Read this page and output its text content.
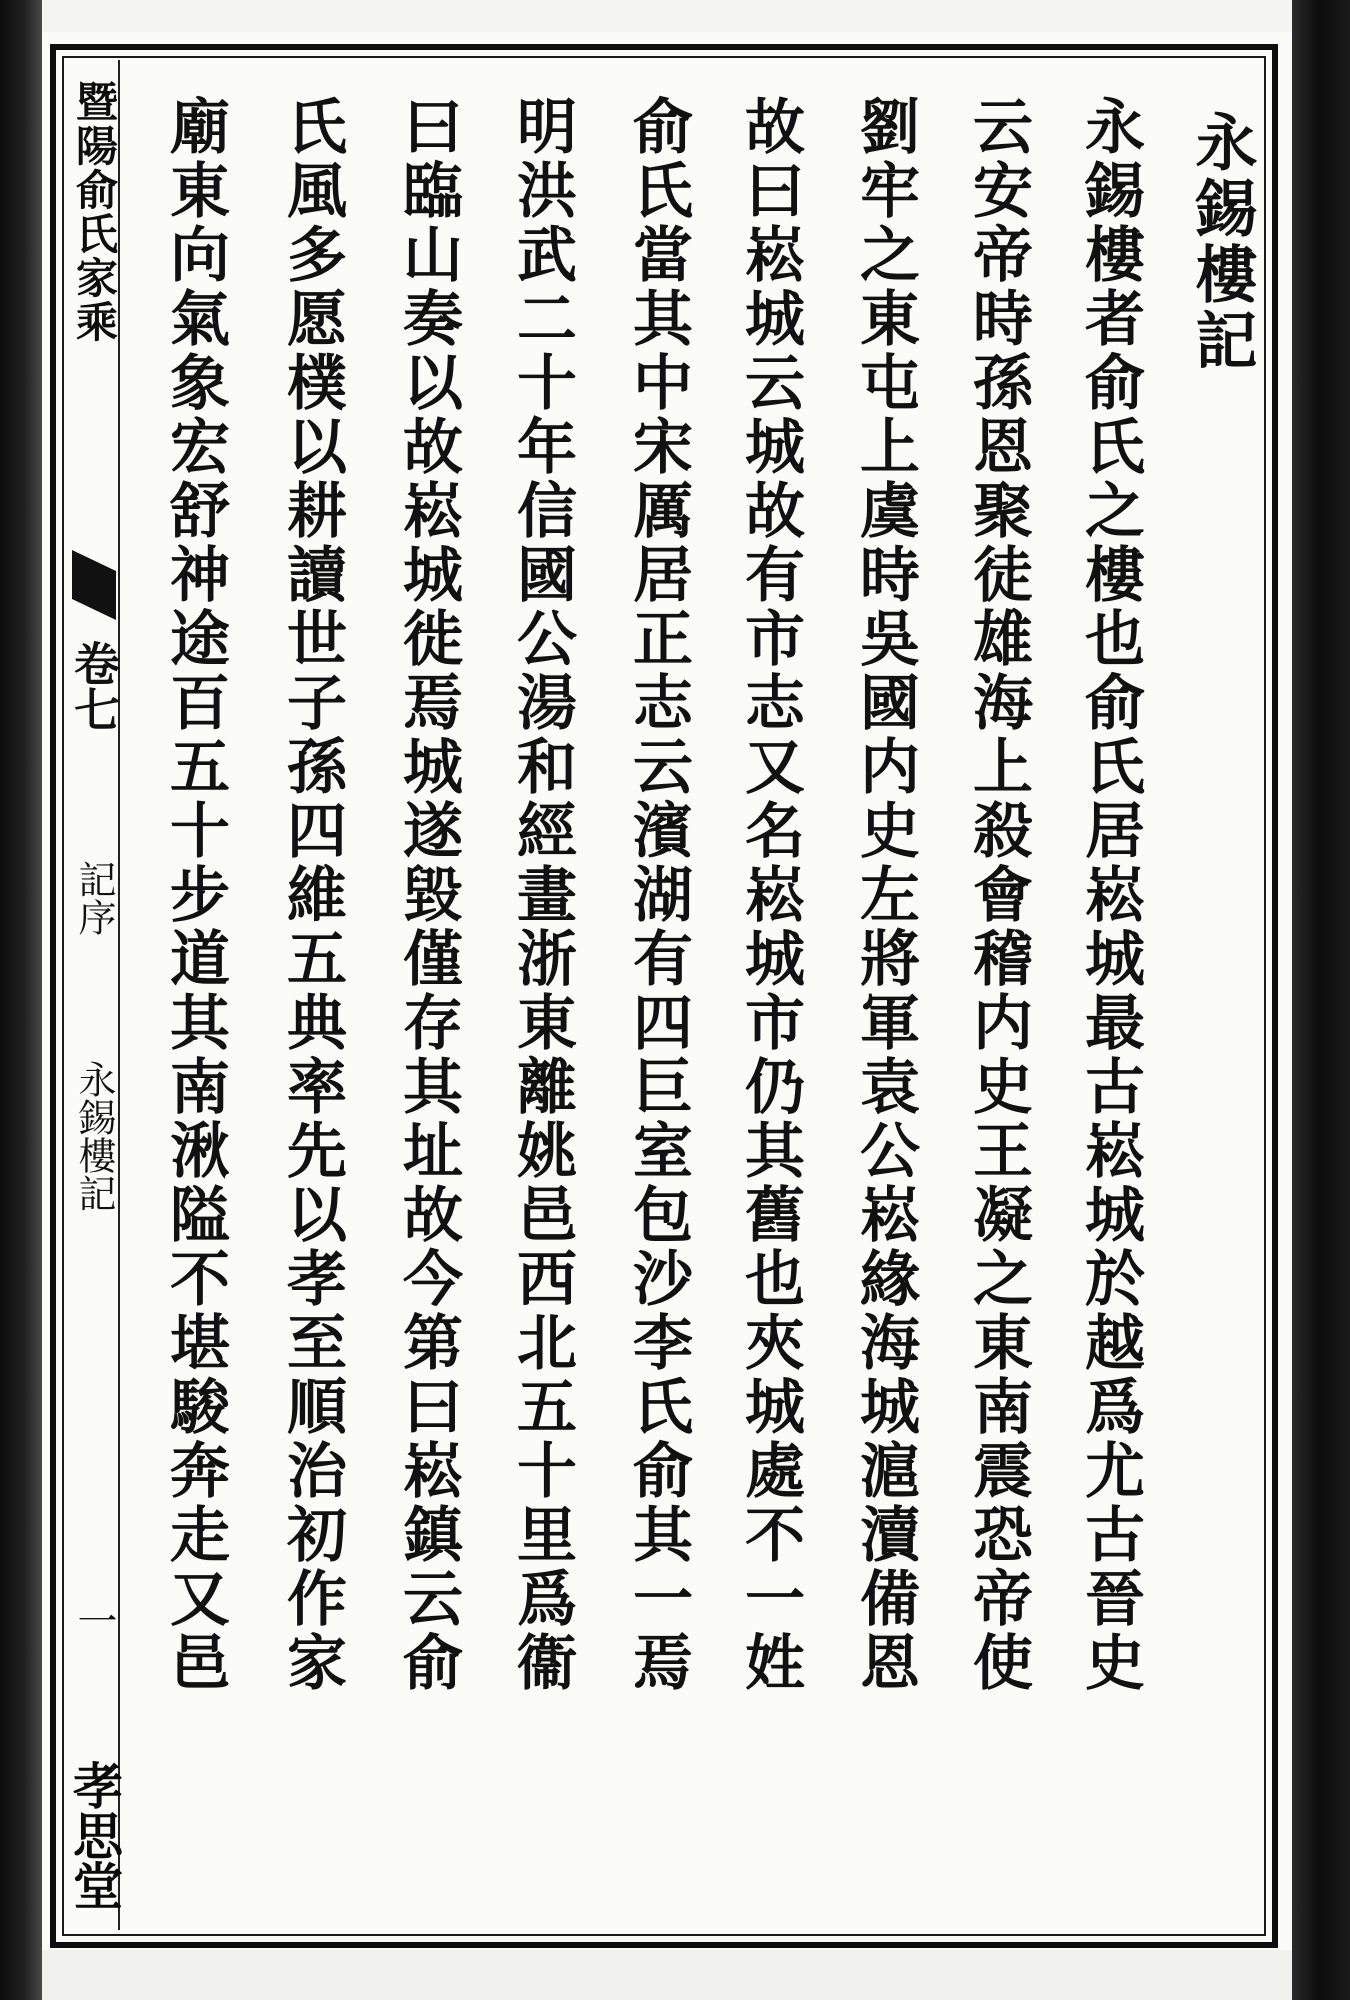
暨陽俞氏家乘
卷七
記序
永錫樓記
一
孝思堂
永錫樓記
永錫樓者俞氏之樓也俞氏居崧城最古崧城於越爲尤古晉史
云安帝時孫恩聚徒雄海上殺會稽内史王凝之東南震恐帝使
劉牢之東屯上虞時吳國内史左將軍袁公崧緣海城滬瀆備恩
故曰崧城云城故有市志又名崧城市仍其舊也夾城處不一姓
俞氏當其中宋厲居正志云濱湖有四巨室包沙李氏俞其一焉
明洪武二十年信國公湯和經畫浙東離姚邑西北五十里爲衞
曰臨山奏以故崧城徙焉城遂毀僅存其址故今第曰崧鎮云俞
氏風多愿樸以耕讀世子孫四維五典率先以孝至順治初作家
廟東向氣象宏舒神途百五十步道其南湫隘不堪駿奔走又邑
